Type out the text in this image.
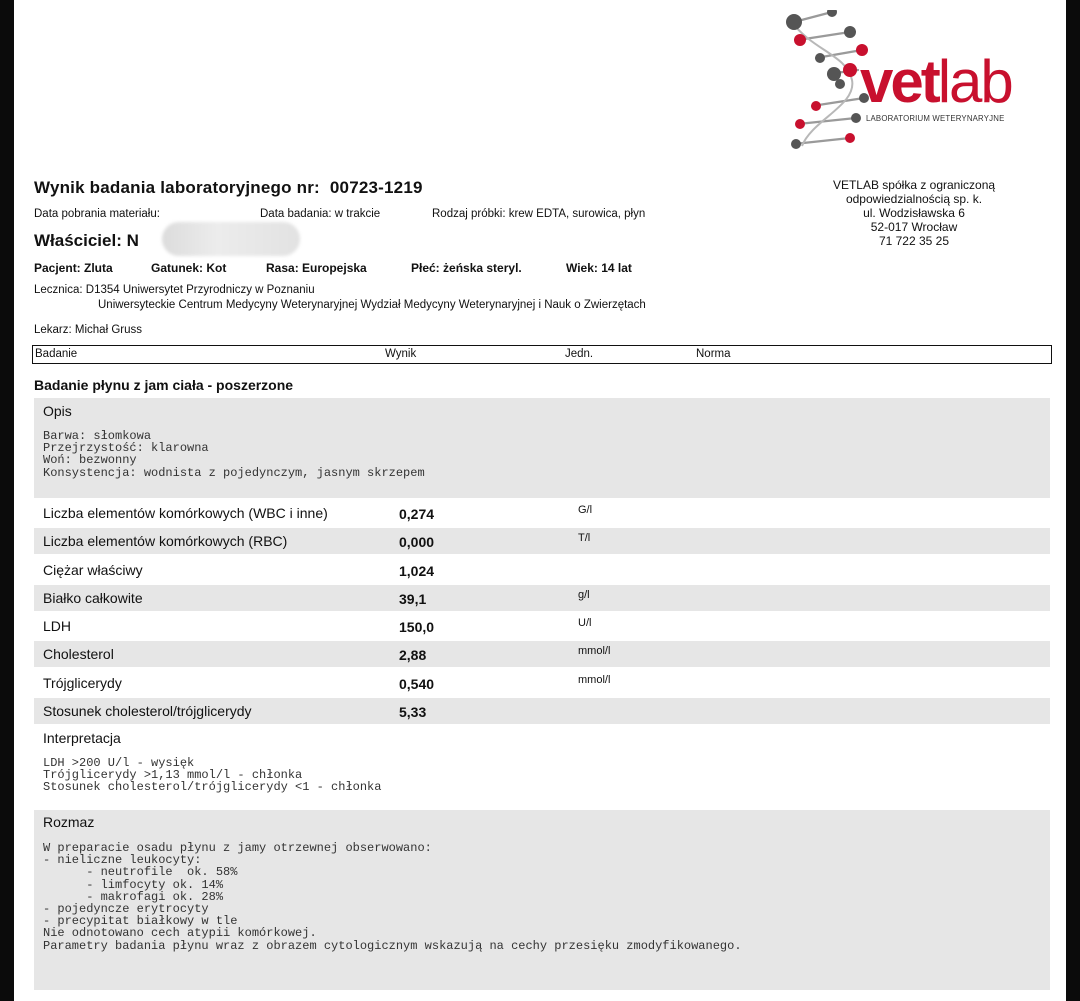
vetlab
LABORATORIUM WETERYNARYJNE
VETLAB spółka z ograniczoną
odpowiedzialnością sp. k.
ul. Wodzisławska 6
52-017 Wrocław
71 722 35 25
Wynik badania laboratoryjnego nr: 00723-1219
Data pobrania materiału:	Data badania: w trakcie	Rodzaj próbki: krew EDTA, surowica, płyn
Właściciel: N
Pacjent: Zluta	Gatunek: Kot	Rasa: Europejska	Płeć: żeńska steryl.	Wiek: 14 lat
Lecznica: D1354 Uniwersytet Przyrodniczy w Poznaniu
Uniwersyteckie Centrum Medycyny Weterynaryjnej Wydział Medycyny Weterynaryjnej i Nauk o Zwierzętach
Lekarz: Michał Gruss
Badanie	Wynik	Jedn.	Norma
Badanie płynu z jam ciała - poszerzone
Opis
Barwa: słomkowa
Przejrzystość: klarowna
Woń: bezwonny
Konsystencja: wodnista z pojedynczym, jasnym skrzepem
Liczba elementów komórkowych (WBC i inne)	0,274	G/l
Liczba elementów komórkowych (RBC)	0,000	T/l
Ciężar właściwy	1,024
Białko całkowite	39,1	g/l
LDH	150,0	U/l
Cholesterol	2,88	mmol/l
Trójglicerydy	0,540	mmol/l
Stosunek cholesterol/trójglicerydy	5,33
Interpretacja
LDH >200 U/l - wysięk
Trójglicerydy >1,13 mmol/l - chłonka
Stosunek cholesterol/trójglicerydy <1 - chłonka
Rozmaz
W preparacie osadu płynu z jamy otrzewnej obserwowano:
- nieliczne leukocyty:
- neutrofile  ok. 58%
- limfocyty ok. 14%
- makrofagi ok. 28%
- pojedyncze erytrocyty
- precypitat białkowy w tle
Nie odnotowano cech atypii komórkowej.
Parametry badania płynu wraz z obrazem cytologicznym wskazują na cechy przesięku zmodyfikowanego.
